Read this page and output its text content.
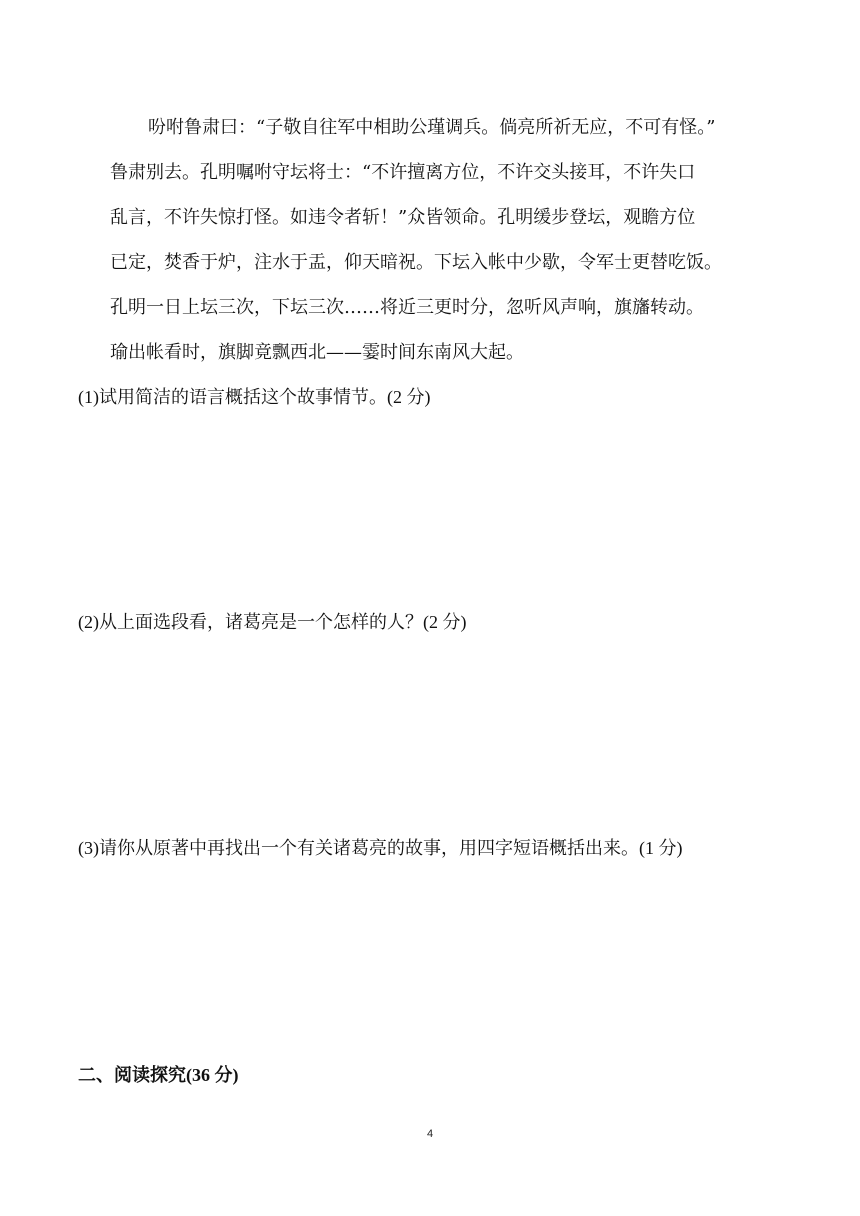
吩咐鲁肃曰：“子敬自往军中相助公瑾调兵。倘亮所祈无应，不可有怪。”
鲁肃别去。孔明嘱咐守坛将士：“不许擅离方位，不许交头接耳，不许失口
乱言，不许失惊打怪。如违令者斩！”众皆领命。孔明缓步登坛，观瞻方位
已定，焚香于炉，注水于盂，仰天暗祝。下坛入帐中少歇，令军士更替吃饭。
孔明一日上坛三次，下坛三次……将近三更时分，忽听风声响，旗旛转动。
瑜出帐看时，旗脚竟飘西北——霎时间东南风大起。
(1)试用简洁的语言概括这个故事情节。(2 分)
(2)从上面选段看，诸葛亮是一个怎样的人？(2 分)
(3)请你从原著中再找出一个有关诸葛亮的故事，用四字短语概括出来。(1 分)
二、阅读探究(36 分)
4
